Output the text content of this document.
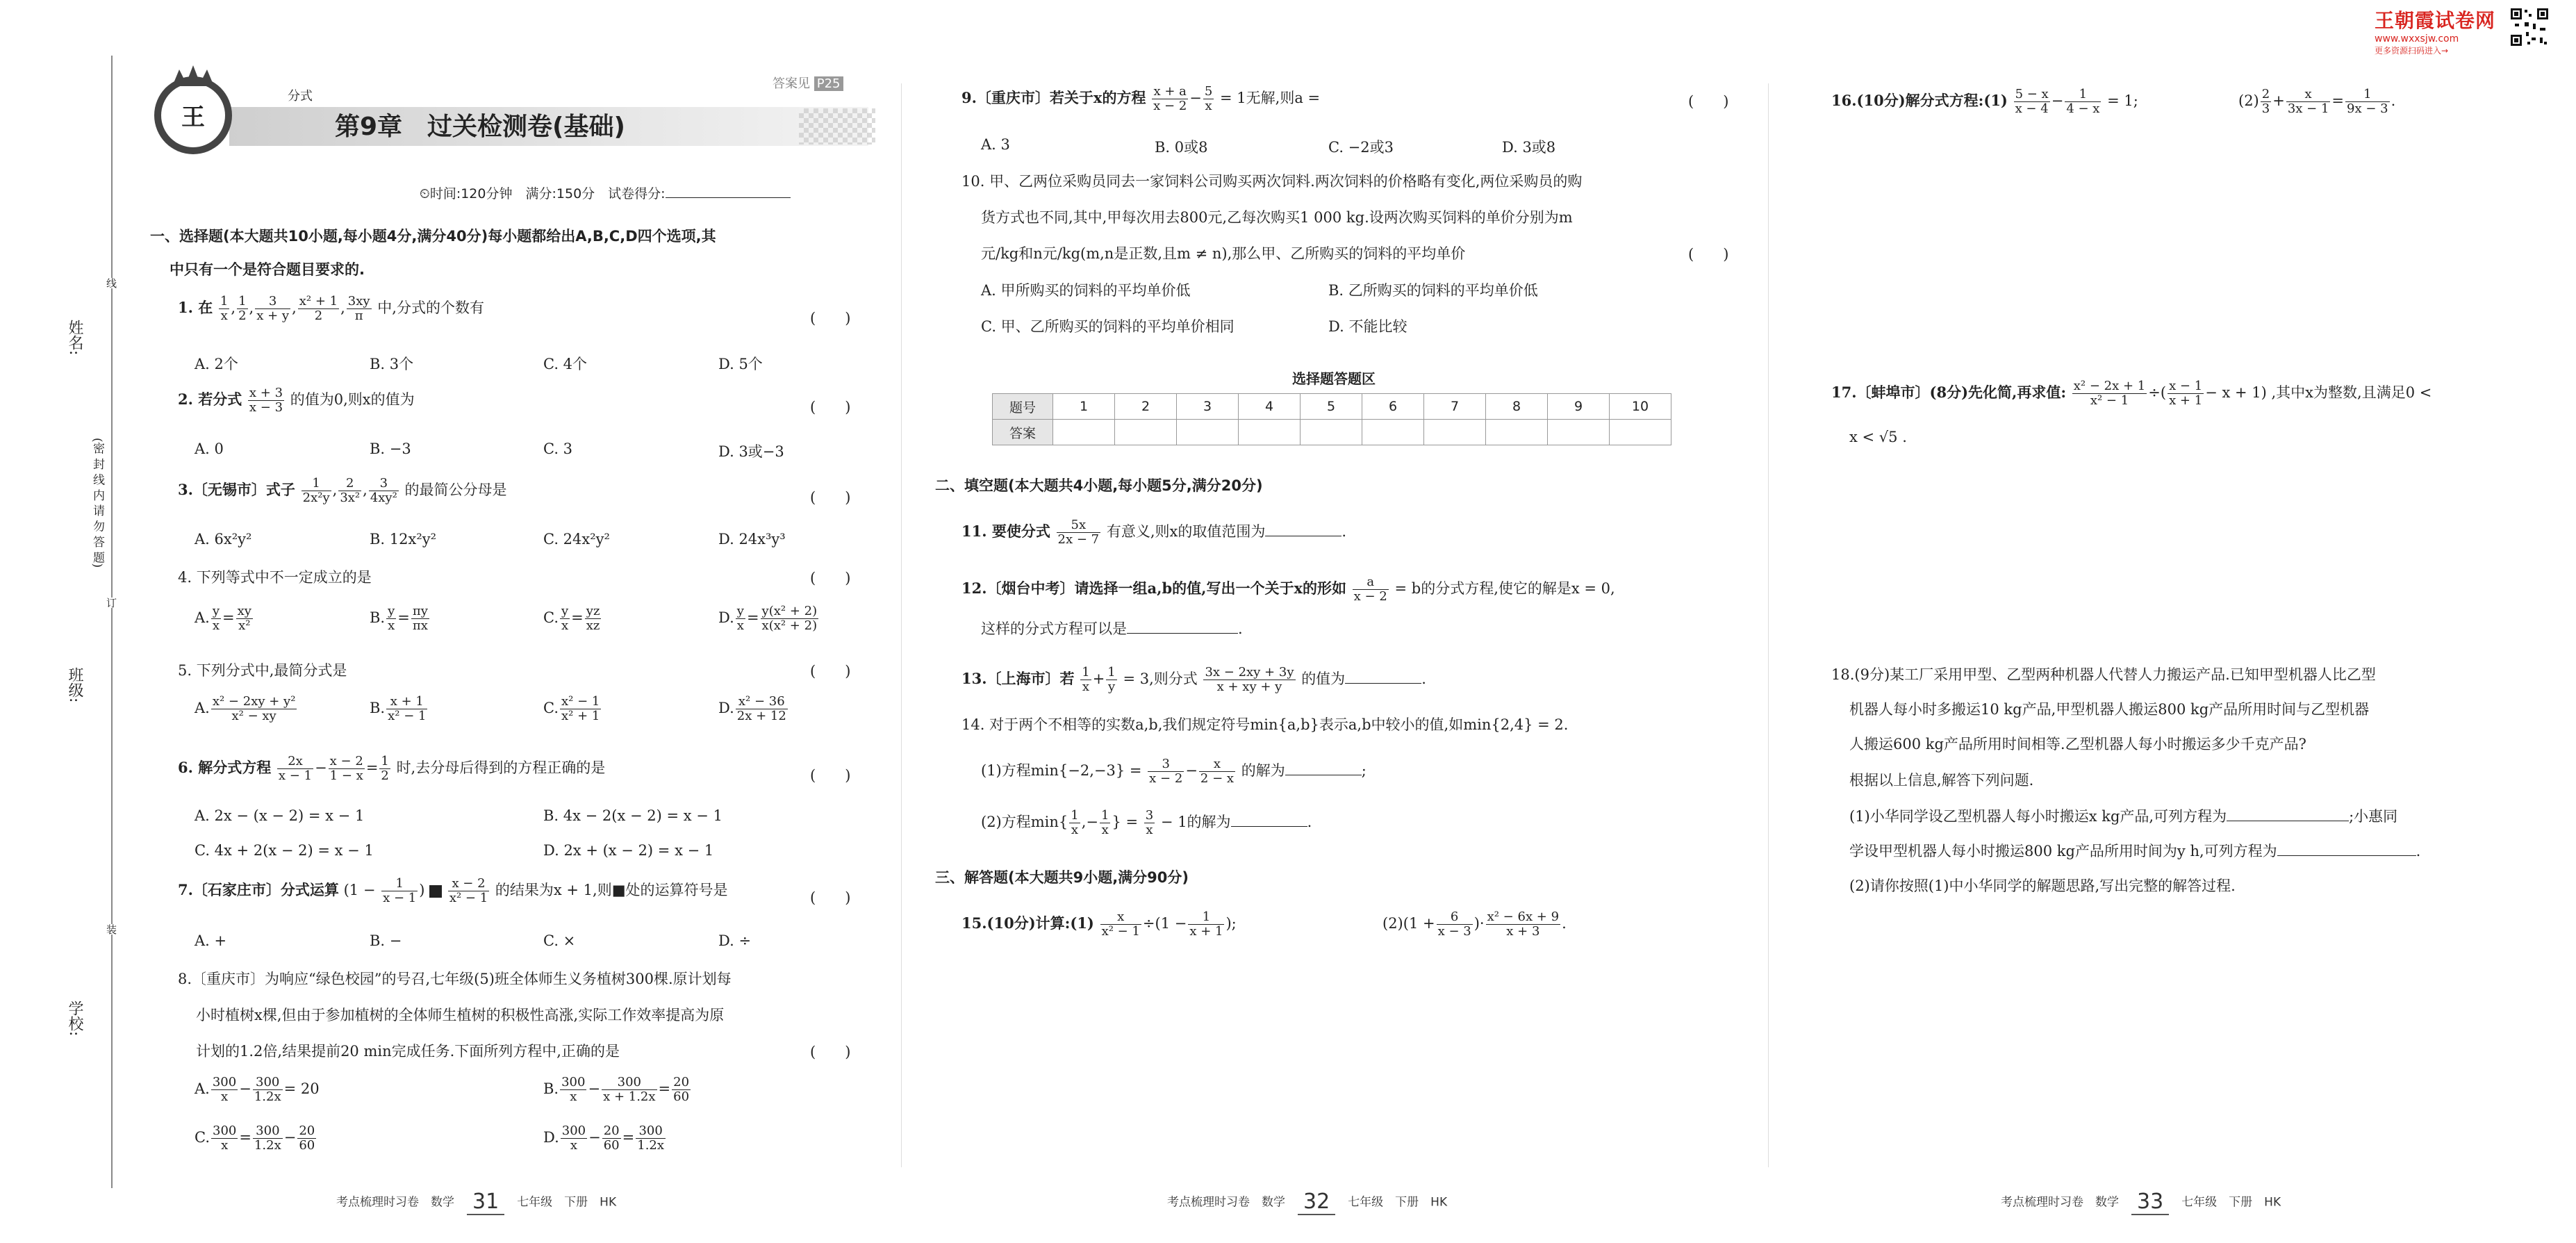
王朝霞试卷网
www.wxxsjw.com
更多资源扫码进入→
姓名:
班级:
学校:
(密 封 线 内 请 勿 答 题)
线
订
装
王
分式
答案见 P25
第9章　过关检测卷(基础)
⏲时间:120分钟　满分:150分　试卷得分:
一、选择题(本大题共10小题,每小题4分,满分40分)每小题都给出A,B,C,D四个选项,其
中只有一个是符合题目要求的.
1. 在 $\frac{1}{x}$ , $\frac{1}{2}$ , $\frac{3}{x + y}$ , $\frac{\text{x² + 1}}{2}$ , $\frac{3xy}{\pi}$ 中,分式的个数有
(　　)
A. 2个	B. 3个	C. 4个	D. 5个
2. 若分式 $\frac{x + 3}{x - 3}$ 的值为0,则x的值为	(　　)
A. 0	B. −3	C. 3	D. 3或−3
3.〔无锡市〕式子 $\frac{1}{\text{2x²y}}$ , $\frac{2}{\text{3x²}}$ , $\frac{3}{\text{4xy²}}$ 的最简公分母是	(　　)
A. 6x²y²	B. 12x²y²	C. 24x²y²	D. 24x³y³
4. 下列等式中不一定成立的是	(　　)
A. $\frac{y}{x} = \frac{xy}{\text{x²}}$	B. $\frac{y}{x} = \frac{\pi y}{\pi x}$	C. $\frac{y}{x} = \frac{yz}{xz}$	D. $\frac{y}{x} = \frac{\text{y(x² + 2)}}{\text{x(x² + 2)}}$
5. 下列分式中,最简分式是	(　　)
A. $\frac{\text{x² − 2xy + y²}}{\text{x² − xy}}$	B. $\frac{x + 1}{\text{x² − 1}}$	C. $\frac{\text{x² − 1}}{\text{x² + 1}}$	D. $\frac{\text{x² − 36}}{2x + 12}$
6. 解分式方程 $\frac{2x}{x - 1} - \frac{x - 2}{1 - x} = \frac{1}{2}$ 时,去分母后得到的方程正确的是	(　　)
A. 2x − (x − 2) = x − 1	B. 4x − 2(x − 2) = x − 1
C. 4x + 2(x − 2) = x − 1	D. 2x + (x − 2) = x − 1
7.〔石家庄市〕分式运算 ($1 - \frac{1}{x - 1}$ ) $\frac{x - 2}{\text{x² − 1}}$ 的结果为x + 1,则■处的运算符号是	(　　)
A. +	B. −	C. ×	D. ÷
8.〔重庆市〕为响应“绿色校园”的号召,七年级(5)班全体师生义务植树300棵.原计划每
小时植树x棵,但由于参加植树的全体师生植树的积极性高涨,实际工作效率提高为原
计划的1.2倍,结果提前20 min完成任务.下面所列方程中,正确的是	(　　)
A. $\frac{300}{x} - \frac{300}{1.2x} = 20$	B. $\frac{300}{x} - \frac{300}{x + 1.2x} = \frac{20}{60}$
C. $\frac{300}{x} = \frac{300}{1.2x} - \frac{20}{60}$	D. $\frac{300}{x} - \frac{20}{60} = \frac{300}{1.2x}$
考点梳理时习卷　数学 31 七年级　下册　HK
9.〔重庆市〕若关于x的方程 $\frac{x + a}{x - 2} - \frac{5}{x} = 1$无解,则a =	(　　)
A. 3	B. 0或8	C. −2或3	D. 3或8
10. 甲、乙两位采购员同去一家饲料公司购买两次饲料.两次饲料的价格略有变化,两位采购员的购
货方式也不同,其中,甲每次用去800元,乙每次购买1 000 kg.设两次购买饲料的单价分别为m
元/kg和n元/kg(m,n是正数,且m ≠ n),那么甲、乙所购买的饲料的平均单价	(　　)
A. 甲所购买的饲料的平均单价低	B. 乙所购买的饲料的平均单价低
C. 甲、乙所购买的饲料的平均单价相同	D. 不能比较
选择题答题区
题号	1	2	3	4	5	6	7	8	9	10
答案										
二、填空题(本大题共4小题,每小题5分,满分20分)
11. 要使分式 $\frac{5x}{2x - 7}$ 有意义,则x的取值范围为	.
12.〔烟台中考〕请选择一组a,b的值,写出一个关于x的形如 $\frac{a}{x - 2} = b$的分式方程,使它的解是x = 0,
这样的分式方程可以是	.
13.〔上海市〕若 $\frac{1}{x} + \frac{1}{y} = 3$,则分式 $\frac{3x - 2xy + 3y}{x + xy + y}$ 的值为	.
14. 对于两个不相等的实数a,b,我们规定符号min{a,b}表示a,b中较小的值,如min{2,4} = 2.
(1)方程$\min\{-2,-3\} = \frac{3}{x - 2} - \frac{x}{2 - x}$ 的解为	;
(2)方程$\min\{ \frac{1}{x}$ ,− $\frac{1}{x}$ } = $\frac{3}{x} - 1$的解为	.
三、解答题(本大题共9小题,满分90分)
15.(10分)计算:(1) $\frac{x}{\text{x² − 1}} \div(1 - \frac{1}{x + 1}$ );	$(2)(1 + \frac{6}{x - 3}$ )· $\frac{\text{x² − 6x + 9}}{x + 3}$ .
考点梳理时习卷　数学 32 七年级　下册　HK
16.(10分)解分式方程:(1) $\frac{5 - x}{x - 4} - \frac{1}{4 - x} = 1$;	$(2) \frac{2}{3} + \frac{x}{3x - 1} = \frac{1}{9x - 3}$ .
17.〔蚌埠市〕(8分)先化简,再求值: $\frac{\text{x² − 2x + 1}}{\text{x² − 1}}$ ÷( $\frac{x - 1}{x + 1} - x + 1$) ,其中x为整数,且满足0 <
x < √5 .
18.(9分)某工厂采用甲型、乙型两种机器人代替人力搬运产品.已知甲型机器人比乙型
机器人每小时多搬运10 kg产品,甲型机器人搬运800 kg产品所用时间与乙型机器
人搬运600 kg产品所用时间相等.乙型机器人每小时搬运多少千克产品?
根据以上信息,解答下列问题.
(1)小华同学设乙型机器人每小时搬运x kg产品,可列方程为	;小惠同
学设甲型机器人每小时搬运800 kg产品所用时间为y h,可列方程为	.
(2)请你按照(1)中小华同学的解题思路,写出完整的解答过程.
考点梳理时习卷　数学 33 七年级　下册　HK
